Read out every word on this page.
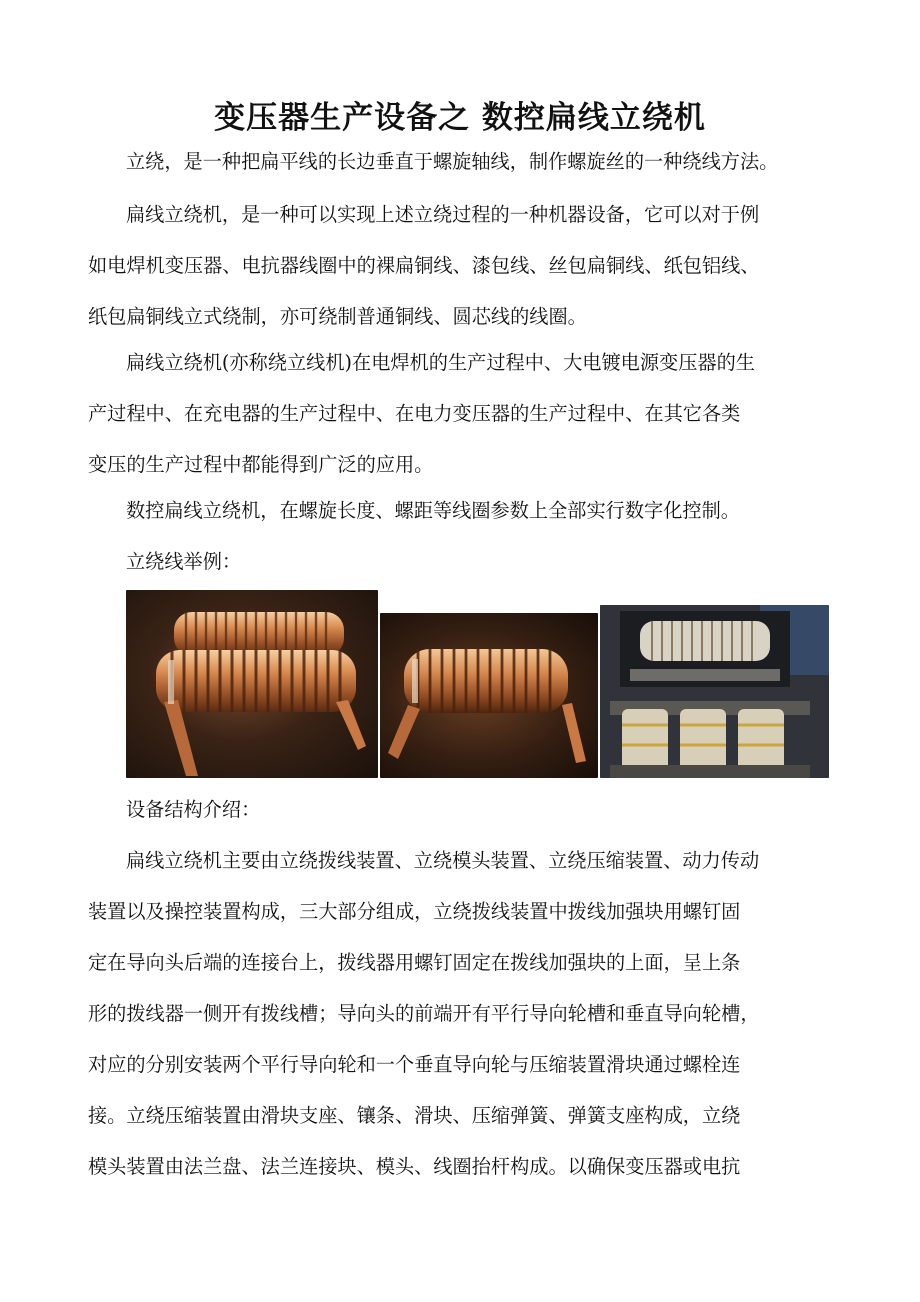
变压器生产设备之 数控扁线立绕机
立绕，是一种把扁平线的长边垂直于螺旋轴线，制作螺旋丝的一种绕线方法。
扁线立绕机，是一种可以实现上述立绕过程的一种机器设备，它可以对于例
如电焊机变压器、电抗器线圈中的裸扁铜线、漆包线、丝包扁铜线、纸包铝线、
纸包扁铜线立式绕制，亦可绕制普通铜线、圆芯线的线圈。
扁线立绕机(亦称绕立线机)在电焊机的生产过程中、大电镀电源变压器的生
产过程中、在充电器的生产过程中、在电力变压器的生产过程中、在其它各类
变压的生产过程中都能得到广泛的应用。
数控扁线立绕机，在螺旋长度、螺距等线圈参数上全部实行数字化控制。
立绕线举例：
设备结构介绍：
扁线立绕机主要由立绕拨线装置、立绕模头装置、立绕压缩装置、动力传动
装置以及操控装置构成，三大部分组成，立绕拨线装置中拨线加强块用螺钉固
定在导向头后端的连接台上，拨线器用螺钉固定在拨线加强块的上面，呈上条
形的拨线器一侧开有拨线槽；导向头的前端开有平行导向轮槽和垂直导向轮槽，
对应的分别安装两个平行导向轮和一个垂直导向轮与压缩装置滑块通过螺栓连
接。立绕压缩装置由滑块支座、镶条、滑块、压缩弹簧、弹簧支座构成，立绕
模头装置由法兰盘、法兰连接块、模头、线圈抬杆构成。以确保变压器或电抗
